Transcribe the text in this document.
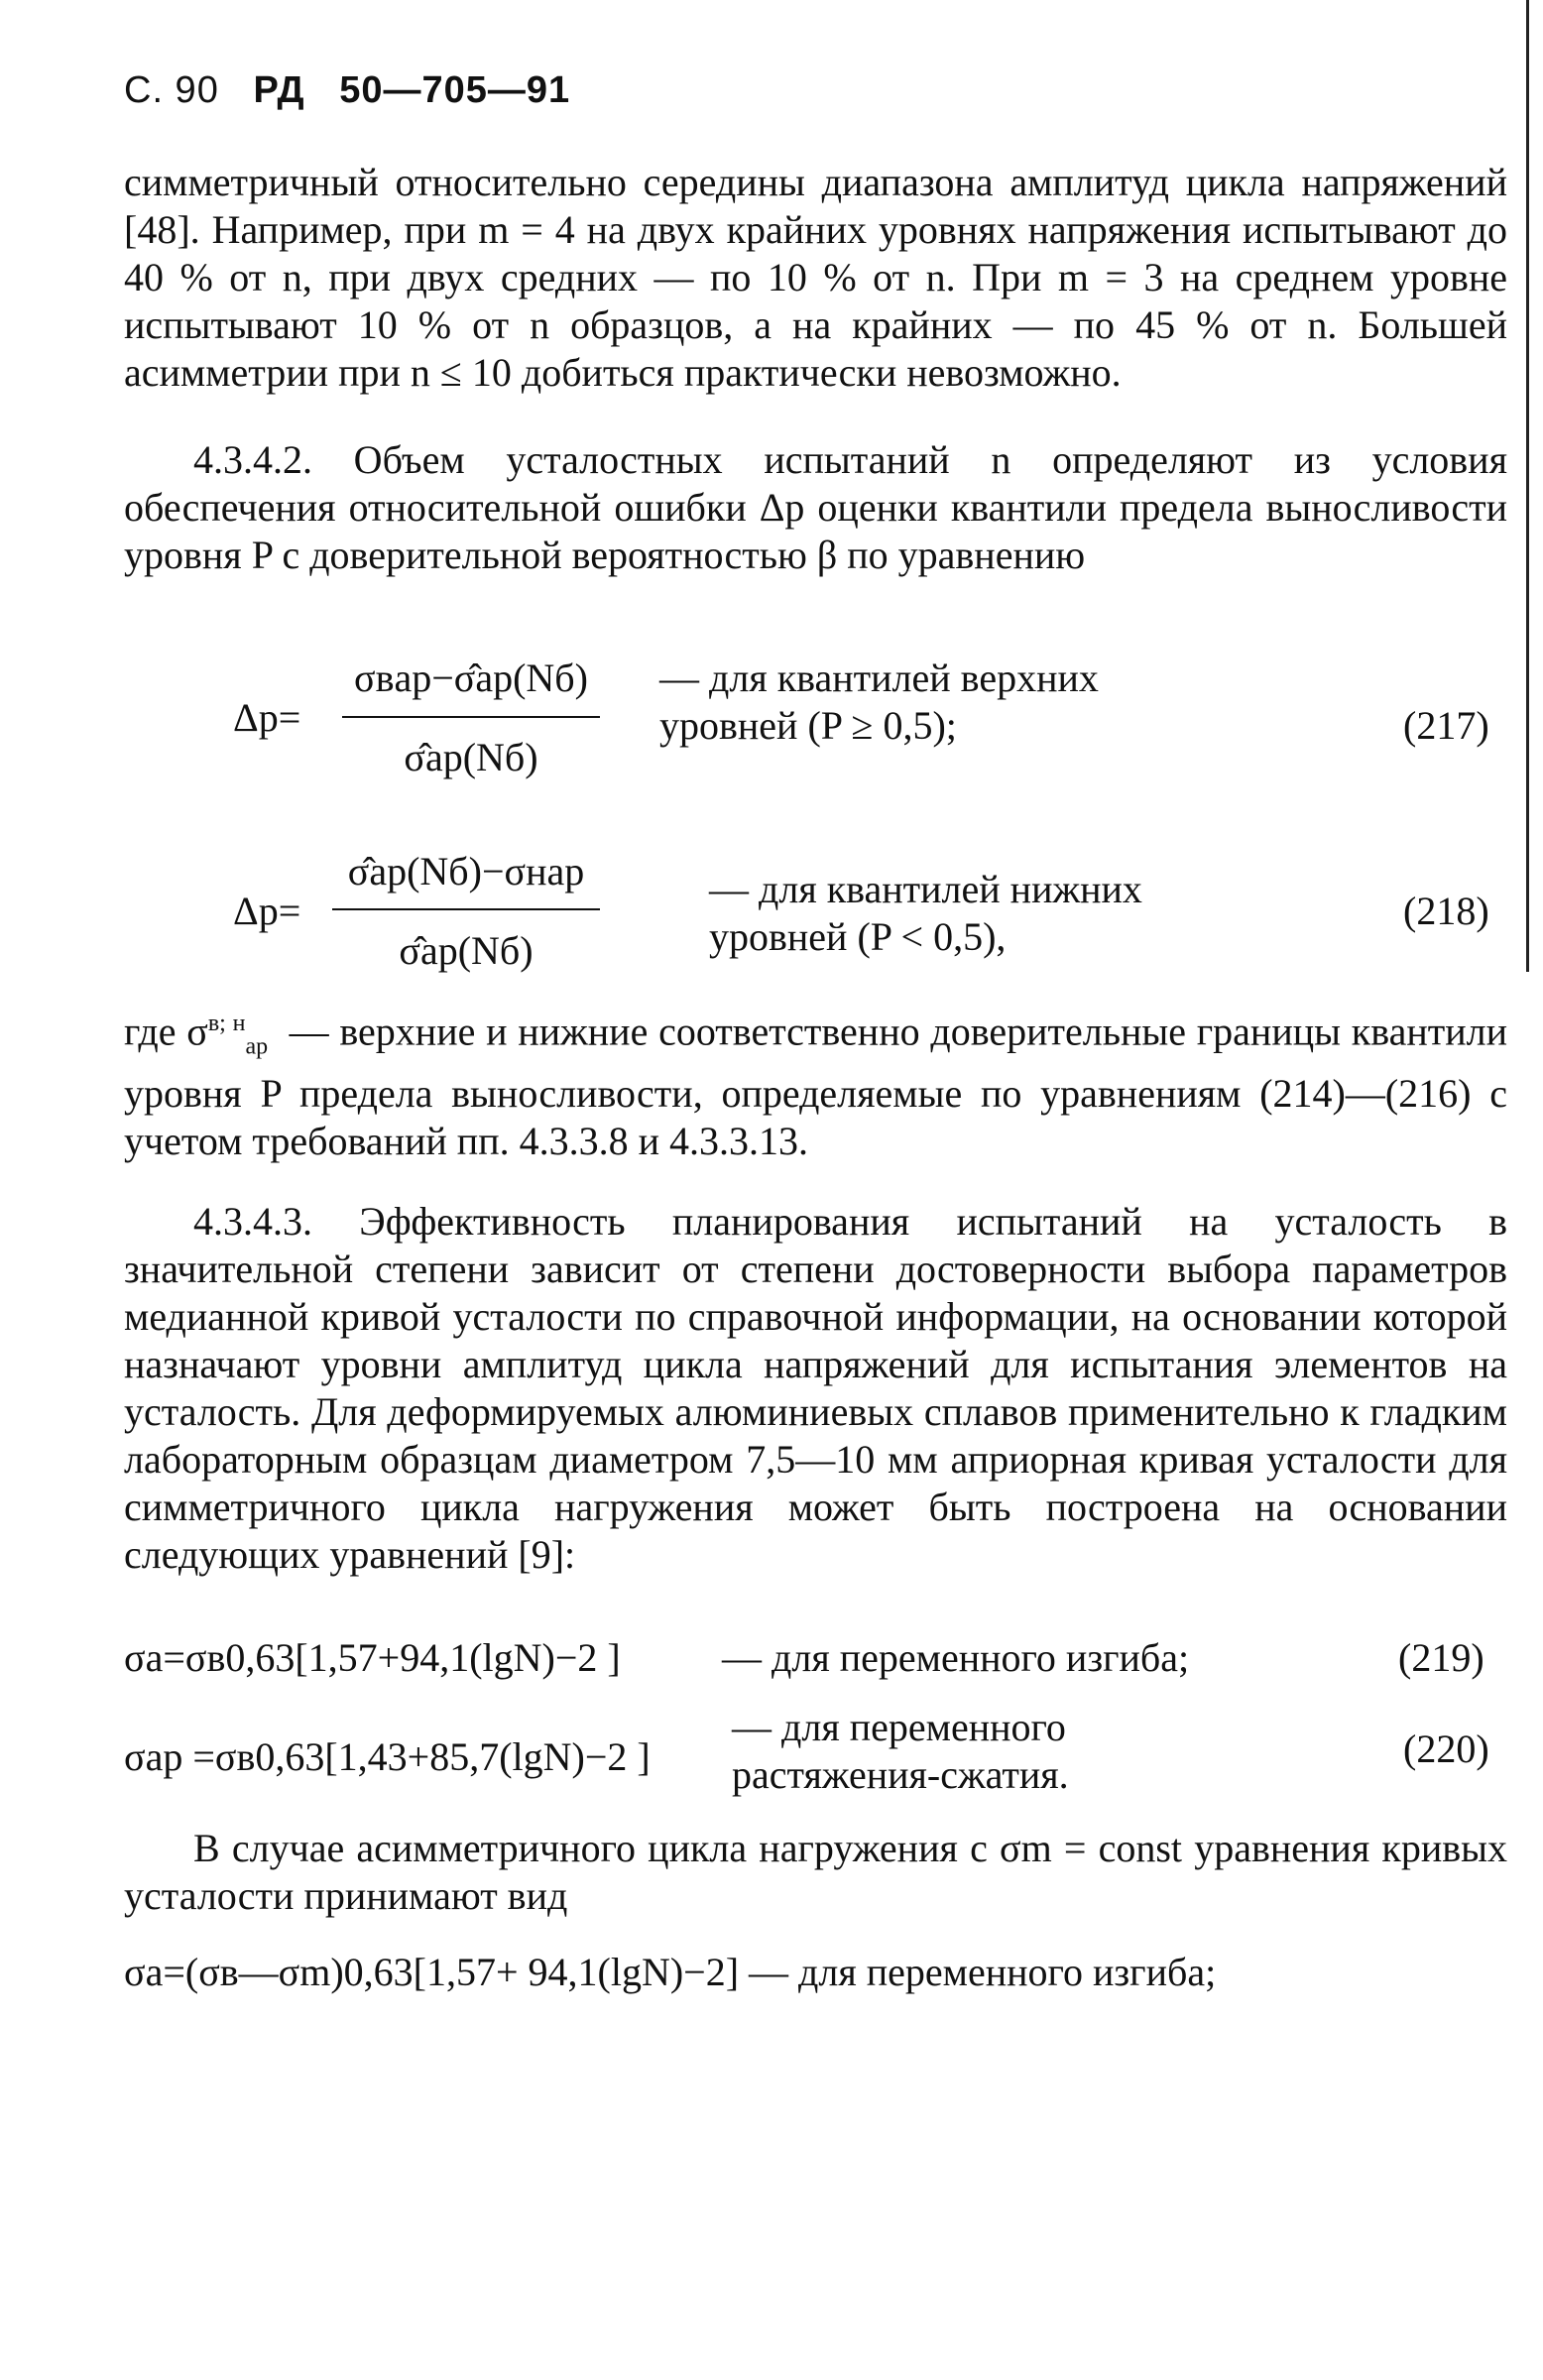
С. 90 РД 50—705—91
симметричный относительно середины диапазона амплитуд цикла напряжений [48]. Например, при m = 4 на двух крайних уровнях напряжения испытывают до 40 % от n, при двух средних — по 10 % от n. При m = 3 на среднем уровне испытывают 10 % от n образцов, а на крайних — по 45 % от n. Большей асимметрии при n ≤ 10 добиться практически невозможно.
4.3.4.2. Объем усталостных испытаний n определяют из условия обеспечения относительной ошибки Δp оценки квантили предела выносливости уровня P с доверительной вероятностью β по уравнению
Δp=
σвap−σ̂ap(Nб)
σ̂ap(Nб)
— для квантилей верхних
уровней (P ≥ 0,5);	(217)
Δp=
σ̂ap(Nб)−σнap
σ̂ap(Nб)
— для квантилей нижних
уровней (P < 0,5),
(218)
где $\sigma^{в; н}_{ap}$ — верхние и нижние соответственно доверительные границы квантили уровня P предела выносливости, определяемые по уравнениям (214)—(216) с учетом требований пп. 4.3.3.8 и 4.3.3.13.
4.3.4.3. Эффективность планирования испытаний на усталость в значительной степени зависит от степени достоверности выбора параметров медианной кривой усталости по справочной информации, на основании которой назначают уровни амплитуд цикла напряжений для испытания элементов на усталость. Для деформируемых алюминиевых сплавов применительно к гладким лабораторным образцам диаметром 7,5—10 мм априорная кривая усталости для симметричного цикла нагружения может быть построена на основании следующих уравнений [9]:
σa=σв0,63[1,57+94,1(lgN)−2 ]	— для переменного изгиба;	(219)
σap =σв0,63[1,43+85,7(lgN)−2 ]
— для переменного
растяжения-сжатия.
(220)
В случае асимметричного цикла нагружения с σm = const уравнения кривых усталости принимают вид
σa=(σв—σm)0,63[1,57+ 94,1(lgN)−2] — для переменного изгиба;
